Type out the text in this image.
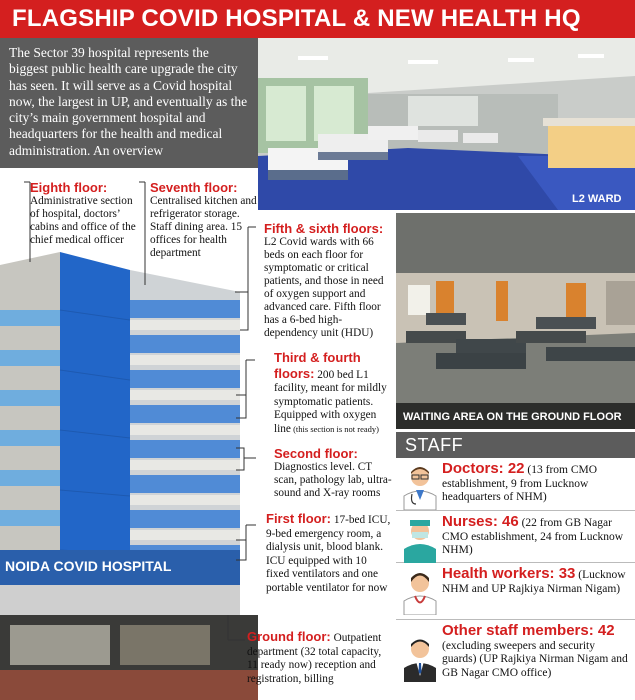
FLAGSHIP COVID HOSPITAL & NEW HEALTH HQ
The Sector 39 hospital represents the biggest public health care upgrade the city has seen. It will serve as a Covid hospital now, the largest in UP, and eventually as the city’s main government hospital and headquarters for the health and medical administration. An overview
L2 WARD
WAITING AREA ON THE GROUND FLOOR
NOIDA COVID HOSPITAL
Eighth floor:
Administrative section of hospital, doctors’ cabins and office of the chief medical officer
Seventh floor:
Centralised kitchen and refrigerator storage. Staff dining area. 15 offices for health department
Fifth & sixth floors:
L2 Covid wards with 66 beds on each floor for symptomatic or critical patients, and those in need of oxygen support and advanced care. Fifth floor has a 6-bed high-dependency unit (HDU)
Third & fourth floors: 200 bed L1 facility, meant for mildly symptomatic patients. Equipped with oxygen line (this section is not ready)
Second floor:
Diagnostics level. CT scan, pathology lab, ultra-sound and X-ray rooms
First floor: 17-bed ICU, 9-bed emergency room, a dialysis unit, blood blank. ICU equipped with 10 fixed ventilators and one portable ventilator for now
Ground floor: Outpatient department (32 total capacity, 11 ready now) reception and registration, billing
STAFF
Doctors: 22 (13 from CMO establishment, 9 from Lucknow headquarters of NHM)
Nurses: 46 (22 from GB Nagar CMO establishment, 24 from Lucknow NHM)
Health workers: 33 (Lucknow NHM and UP Rajkiya Nirman Nigam)
Other staff members: 42 (excluding sweepers and security guards) (UP Rajkiya Nirman Nigam and GB Nagar CMO office)
